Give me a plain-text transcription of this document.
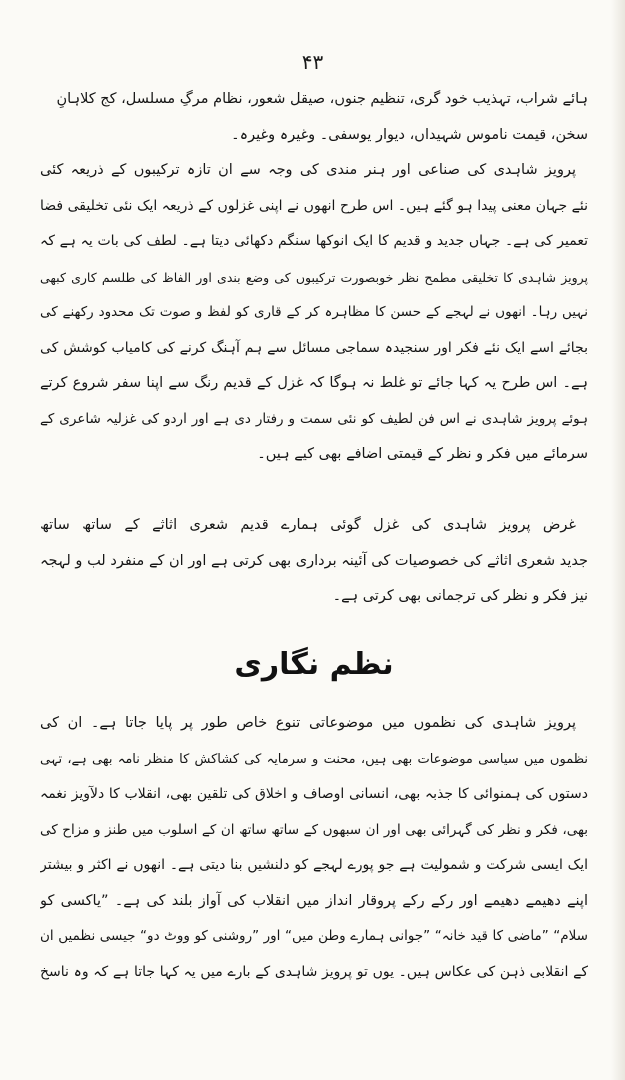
۴۳
ہائے شراب، تہذیب خود گری، تنظیم جنوں، صیقل شعور، نظام مرگِ مسلسل، کج کلاہانِ
سخن، قیمت ناموس شہیداں، دیوار یوسفی۔ وغیرہ وغیرہ۔
پرویز شاہدی کی صناعی اور ہنر مندی کی وجہ سے ان تازہ ترکیبوں کے ذریعہ کئی
نئے جہان معنی پیدا ہو گئے ہیں۔ اس طرح انھوں نے اپنی غزلوں کے ذریعہ ایک نئی تخلیقی فضا
تعمیر کی ہے۔ جہاں جدید و قدیم کا ایک انوکھا سنگم دکھائی دیتا ہے۔ لطف کی بات یہ ہے کہ
پرویز شاہدی کا تخلیقی مطمح نظر خوبصورت ترکیبوں کی وضع بندی اور الفاظ کی طلسم کاری کبھی
نہیں رہا۔ انھوں نے لہجے کے حسن کا مظاہرہ کر کے قاری کو لفظ و صوت تک محدود رکھنے کی
بجائے اسے ایک نئے فکر اور سنجیدہ سماجی مسائل سے ہم آہنگ کرنے کی کامیاب کوشش کی
ہے۔ اس طرح یہ کہا جائے تو غلط نہ ہوگا کہ غزل کے قدیم رنگ سے اپنا سفر شروع کرتے
ہوئے پرویز شاہدی نے اس فن لطیف کو نئی سمت و رفتار دی ہے اور اردو کی غزلیہ شاعری کے
سرمائے میں فکر و نظر کے قیمتی اضافے بھی کیے ہیں۔
غرض پرویز شاہدی کی غزل گوئی ہمارے قدیم شعری اثاثے کے ساتھ ساتھ
جدید شعری اثاثے کی خصوصیات کی آئینہ برداری بھی کرتی ہے اور ان کے منفرد لب و لہجہ
نیز فکر و نظر کی ترجمانی بھی کرتی ہے۔
نظم نگاری
پرویز شاہدی کی نظموں میں موضوعاتی تنوع خاص طور پر پایا جاتا ہے۔ ان کی
نظموں میں سیاسی موضوعات بھی ہیں، محنت و سرمایہ کی کشاکش کا منظر نامہ بھی ہے، تہی
دستوں کی ہمنوائی کا جذبہ بھی، انسانی اوصاف و اخلاق کی تلقین بھی، انقلاب کا دلآویز نغمہ
بھی، فکر و نظر کی گہرائی بھی اور ان سبھوں کے ساتھ ساتھ ان کے اسلوب میں طنز و مزاح کی
ایک ایسی شرکت و شمولیت ہے جو پورے لہجے کو دلنشیں بنا دیتی ہے۔ انھوں نے اکثر و بیشتر
اپنے دھیمے دھیمے اور رکے رکے پروقار انداز میں انقلاب کی آواز بلند کی ہے۔ ”یاکسی کو
سلام“ ”ماضی کا قید خانہ“ ”جوانی ہمارے وطن میں“ اور ”روشنی کو ووٹ دو“ جیسی نظمیں ان
کے انقلابی ذہن کی عکاس ہیں۔ یوں تو پرویز شاہدی کے بارے میں یہ کہا جاتا ہے کہ وہ ناسخ
